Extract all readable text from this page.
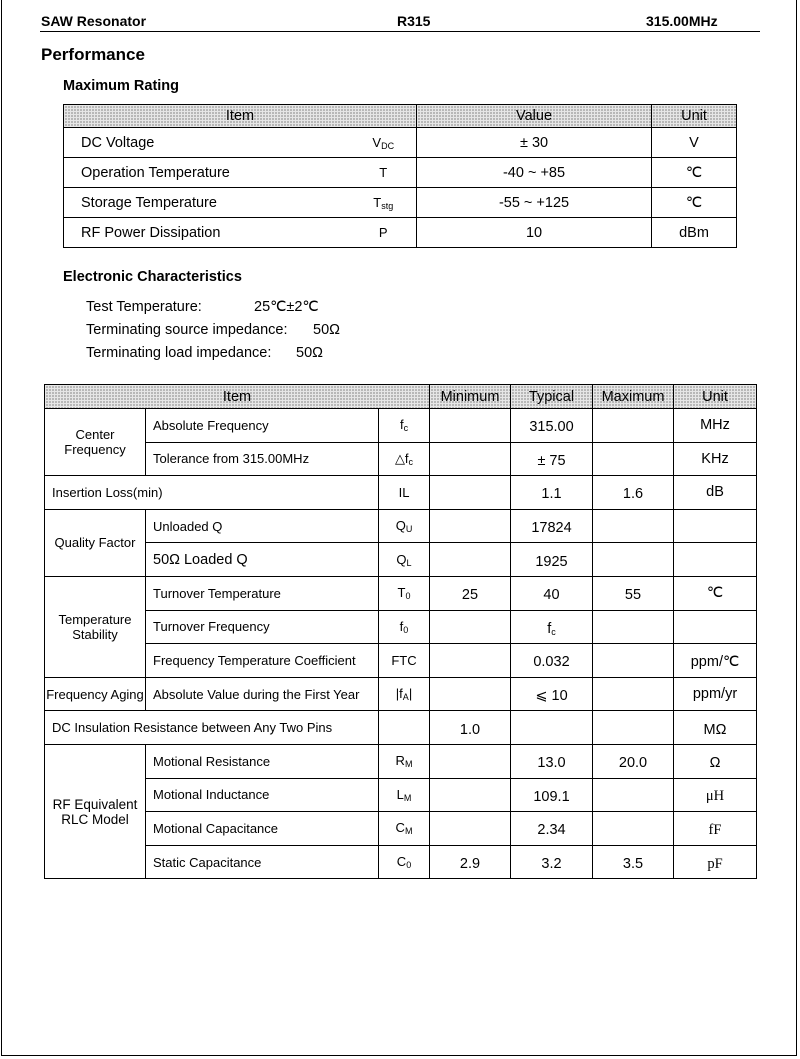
SAW Resonator	R315	315.00MHz
Performance
Maximum Rating
Item		Value	Unit
DC Voltage	$V_{DC}$	± 30	V
Operation Temperature	T	-40 ~ +85	℃
Storage Temperature	$T_{stg}$	-55 ~ +125	℃
RF Power Dissipation	P	10	dBm
Electronic Characteristics
Test Temperature:	25℃±2℃
Terminating source impedance: 50Ω
Terminating load impedance: 50Ω
Item			Minimum	Typical	Maximum	Unit
Center Frequency	Absolute Frequency	$f_c$		315.00		MHz
	Tolerance from 315.00MHz	$\triangle f_c$		± 75		KHz
Insertion Loss(min)		IL		1.1	1.6	dB
Quality Factor	Unloaded Q	$Q_U$		17824		
	50Ω Loaded Q	$Q_L$		1925		
Temperature Stability	Turnover Temperature	$T_0$	25	40	55	℃
	Turnover Frequency	$f_0$		$f_c$		
	Frequency Temperature Coefficient	FTC		0.032		ppm/℃
Frequency Aging	Absolute Value during the First Year	$|f_A|$		⩽ 10		ppm/yr
DC Insulation Resistance between Any Two Pins			1.0			MΩ
RF Equivalent RLC Model	Motional Resistance	$R_M$		13.0	20.0	Ω
	Motional Inductance	$L_M$		109.1		μH
	Motional Capacitance	$C_M$		2.34		fF
	Static Capacitance	$C_0$	2.9	3.2	3.5	pF
